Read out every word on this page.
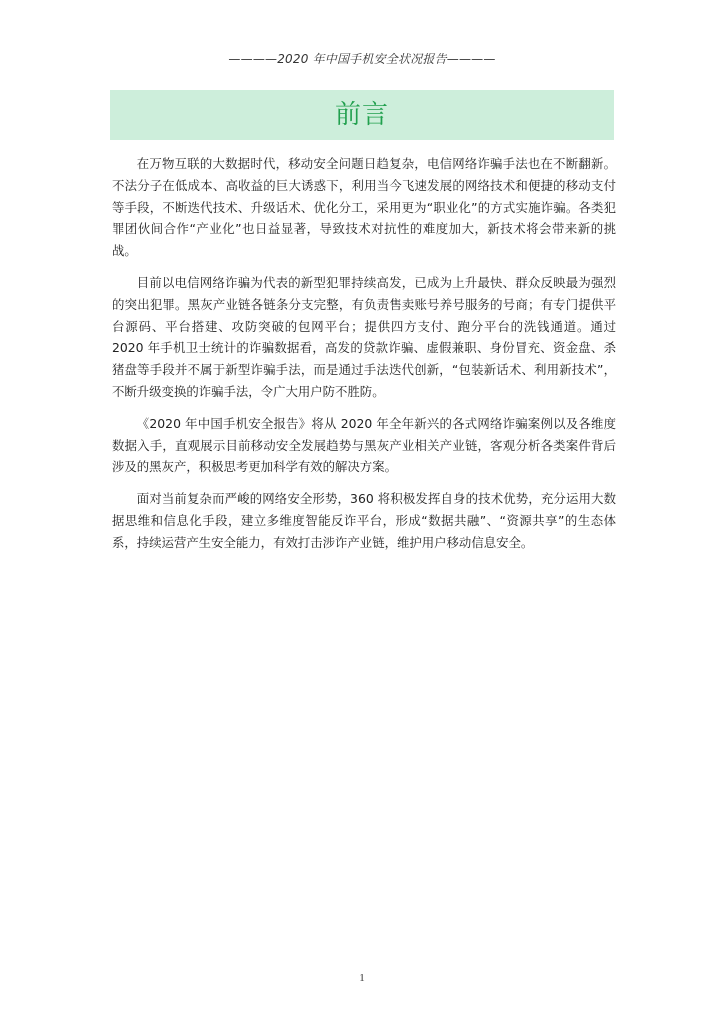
————2020 年中国手机安全状况报告————
前言

在万物互联的大数据时代，移动安全问题日趋复杂，电信网络诈骗手法也在不断翻新。不法分子在低成本、高收益的巨大诱惑下，利用当今飞速发展的网络技术和便捷的移动支付等手段，不断迭代技术、升级话术、优化分工，采用更为“职业化”的方式实施诈骗。各类犯罪团伙间合作“产业化”也日益显著，导致技术对抗性的难度加大，新技术将会带来新的挑战。

目前以电信网络诈骗为代表的新型犯罪持续高发，已成为上升最快、群众反映最为强烈的突出犯罪。黑灰产业链各链条分支完整，有负责售卖账号养号服务的号商；有专门提供平台源码、平台搭建、攻防突破的包网平台；提供四方支付、跑分平台的洗钱通道。通过 2020 年手机卫士统计的诈骗数据看，高发的贷款诈骗、虚假兼职、身份冒充、资金盘、杀猪盘等手段并不属于新型诈骗手法，而是通过手法迭代创新，“包装新话术、利用新技术”，不断升级变换的诈骗手法，令广大用户防不胜防。

《2020 年中国手机安全报告》将从 2020 年全年新兴的各式网络诈骗案例以及各维度数据入手，直观展示目前移动安全发展趋势与黑灰产业相关产业链，客观分析各类案件背后涉及的黑灰产，积极思考更加科学有效的解决方案。

面对当前复杂而严峻的网络安全形势，360 将积极发挥自身的技术优势，充分运用大数据思维和信息化手段，建立多维度智能反诈平台，形成“数据共融”、“资源共享”的生态体系，持续运营产生安全能力，有效打击涉诈产业链，维护用户移动信息安全。

1
